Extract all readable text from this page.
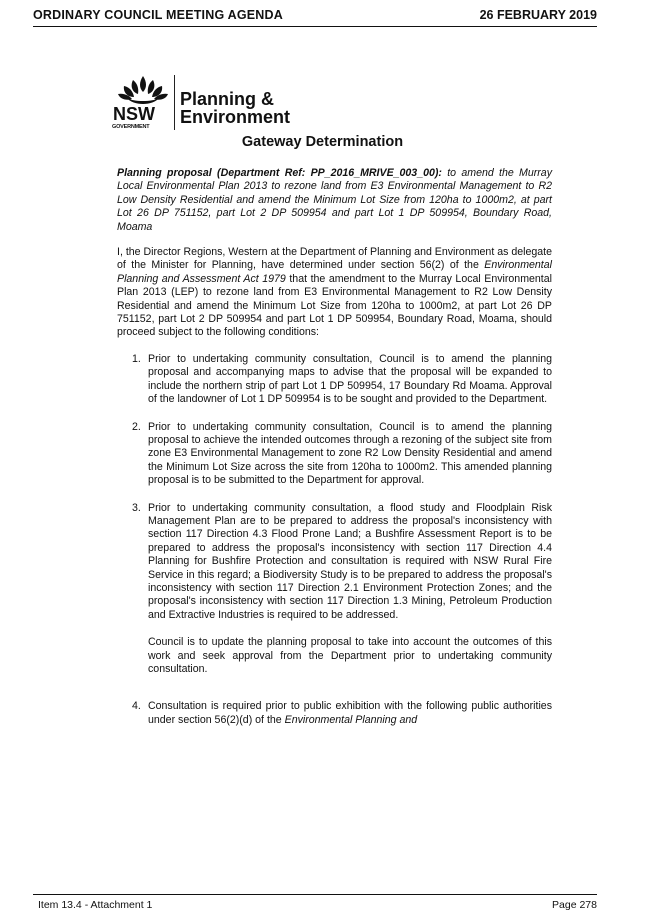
ORDINARY COUNCIL MEETING AGENDA	26 FEBRUARY 2019
NSW
GOVERNMENT
Planning &
Environment
Gateway Determination

Planning proposal (Department Ref: PP_2016_MRIVE_003_00): to amend the Murray Local Environmental Plan 2013 to rezone land from E3 Environmental Management to R2 Low Density Residential and amend the Minimum Lot Size from 120ha to 1000m2, at part Lot 26 DP 751152, part Lot 2 DP 509954 and part Lot 1 DP 509954, Boundary Road, Moama

I, the Director Regions, Western at the Department of Planning and Environment as delegate of the Minister for Planning, have determined under section 56(2) of the Environmental Planning and Assessment Act 1979 that the amendment to the Murray Local Environmental Plan 2013 (LEP) to rezone land from E3 Environmental Management to R2 Low Density Residential and amend the Minimum Lot Size from 120ha to 1000m2, at part Lot 26 DP 751152, part Lot 2 DP 509954 and part Lot 1 DP 509954, Boundary Road, Moama, should proceed subject to the following conditions:

1. Prior to undertaking community consultation, Council is to amend the planning proposal and accompanying maps to advise that the proposal will be expanded to include the northern strip of part Lot 1 DP 509954, 17 Boundary Rd Moama. Approval of the landowner of Lot 1 DP 509954 is to be sought and provided to the Department.
2. Prior to undertaking community consultation, Council is to amend the planning proposal to achieve the intended outcomes through a rezoning of the subject site from zone E3 Environmental Management to zone R2 Low Density Residential and amend the Minimum Lot Size across the site from 120ha to 1000m2. This amended planning proposal is to be submitted to the Department for approval.
3. Prior to undertaking community consultation, a flood study and Floodplain Risk Management Plan are to be prepared to address the proposal's inconsistency with section 117 Direction 4.3 Flood Prone Land; a Bushfire Assessment Report is to be prepared to address the proposal's inconsistency with section 117 Direction 4.4 Planning for Bushfire Protection and consultation is required with NSW Rural Fire Service in this regard; a Biodiversity Study is to be prepared to address the proposal's inconsistency with section 117 Direction 2.1 Environment Protection Zones; and the proposal's inconsistency with section 117 Direction 1.3 Mining, Petroleum Production and Extractive Industries is required to be addressed.
Council is to update the planning proposal to take into account the outcomes of this work and seek approval from the Department prior to undertaking community consultation.
4. Consultation is required prior to public exhibition with the following public authorities under section 56(2)(d) of the Environmental Planning and
Item 13.4 - Attachment 1	Page 278
